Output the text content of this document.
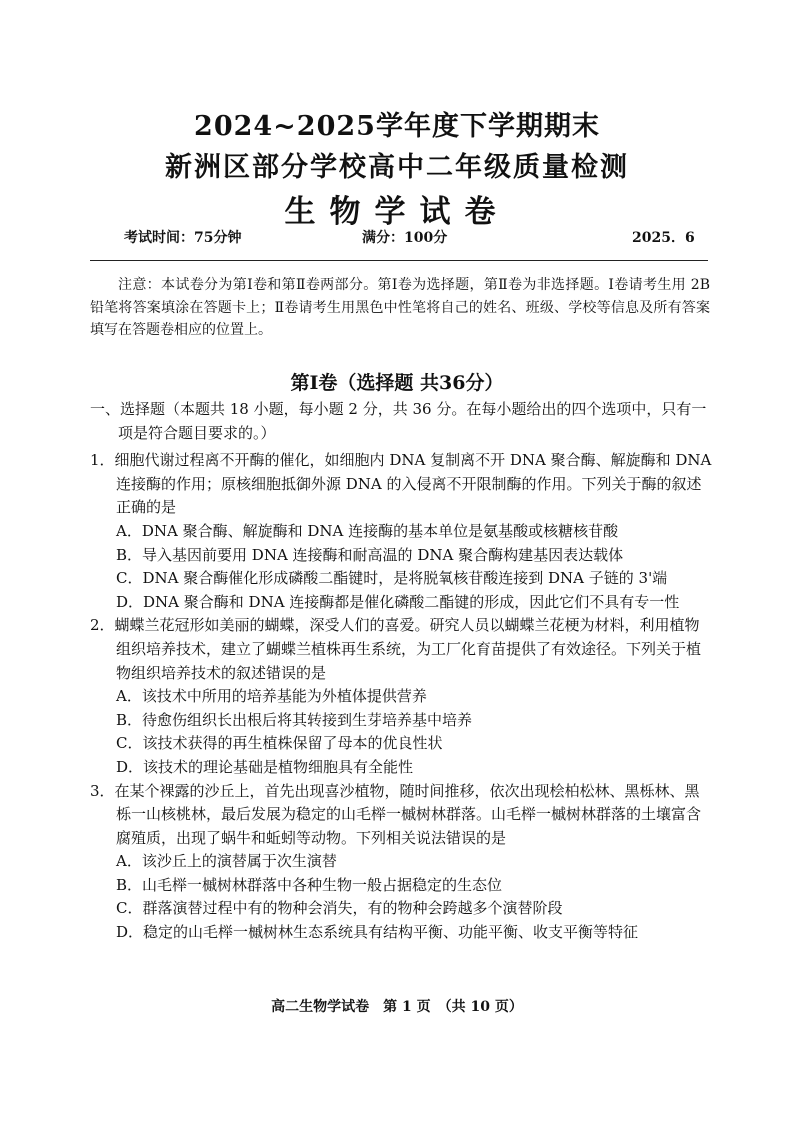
2024~2025学年度下学期期末
新洲区部分学校高中二年级质量检测
生物学试卷
考试时间：75分钟	满分：100分	2025．6

注意：本试卷分为第Ⅰ卷和第Ⅱ卷两部分。第Ⅰ卷为选择题，第Ⅱ卷为非选择题。Ⅰ卷请考生用 2B 铅笔将答案填涂在答题卡上；Ⅱ卷请考生用黑色中性笔将自己的姓名、班级、学校等信息及所有答案填写在答题卷相应的位置上。

第Ⅰ卷（选择题 共36分）

一、选择题（本题共 18 小题，每小题 2 分，共 36 分。在每小题给出的四个选项中，只有一项是符合题目要求的。）

1．细胞代谢过程离不开酶的催化，如细胞内 DNA 复制离不开 DNA 聚合酶、解旋酶和 DNA 连接酶的作用；原核细胞抵御外源 DNA 的入侵离不开限制酶的作用。下列关于酶的叙述正确的是

A．DNA 聚合酶、解旋酶和 DNA 连接酶的基本单位是氨基酸或核糖核苷酸

B．导入基因前要用 DNA 连接酶和耐高温的 DNA 聚合酶构建基因表达载体

C．DNA 聚合酶催化形成磷酸二酯键时，是将脱氧核苷酸连接到 DNA 子链的 3'端

D．DNA 聚合酶和 DNA 连接酶都是催化磷酸二酯键的形成，因此它们不具有专一性

2．蝴蝶兰花冠形如美丽的蝴蝶，深受人们的喜爱。研究人员以蝴蝶兰花梗为材料，利用植物组织培养技术，建立了蝴蝶兰植株再生系统，为工厂化育苗提供了有效途径。下列关于植物组织培养技术的叙述错误的是

A．该技术中所用的培养基能为外植体提供营养

B．待愈伤组织长出根后将其转接到生芽培养基中培养

C．该技术获得的再生植株保留了母本的优良性状

D．该技术的理论基础是植物细胞具有全能性

3．在某个裸露的沙丘上，首先出现喜沙植物，随时间推移，依次出现桧柏松林、黑栎林、黑栎一山核桃林，最后发展为稳定的山毛榉一槭树林群落。山毛榉一槭树林群落的土壤富含腐殖质，出现了蜗牛和蚯蚓等动物。下列相关说法错误的是

A．该沙丘上的演替属于次生演替

B．山毛榉一槭树林群落中各种生物一般占据稳定的生态位

C．群落演替过程中有的物种会消失，有的物种会跨越多个演替阶段

D．稳定的山毛榉一槭树林生态系统具有结构平衡、功能平衡、收支平衡等特征

高二生物学试卷　第 1 页　（共 10 页）
